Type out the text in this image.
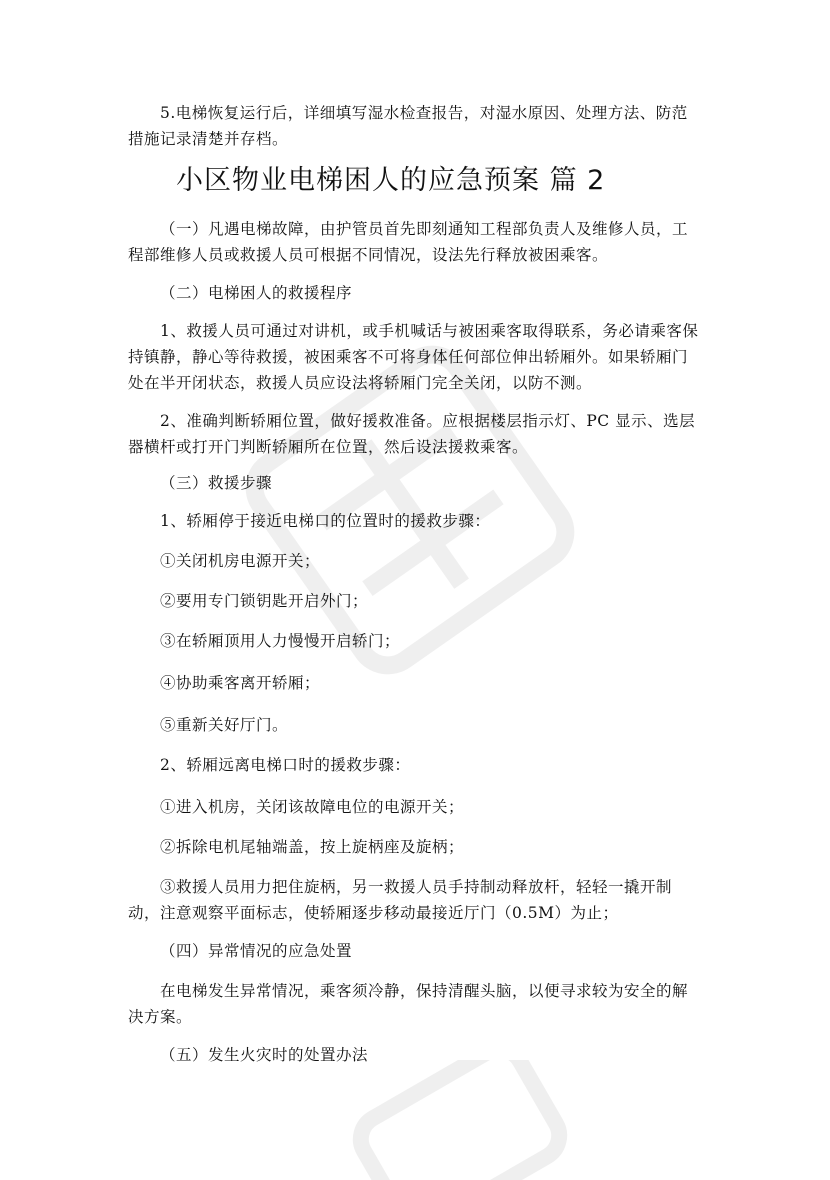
5.电梯恢复运行后，详细填写湿水检查报告，对湿水原因、处理方法、防范措施记录清楚并存档。

小区物业电梯困人的应急预案 篇 2

（一）凡遇电梯故障，由护管员首先即刻通知工程部负责人及维修人员，工程部维修人员或救援人员可根据不同情况，设法先行释放被困乘客。

（二）电梯困人的救援程序

1、救援人员可通过对讲机，或手机喊话与被困乘客取得联系，务必请乘客保持镇静，静心等待救援，被困乘客不可将身体任何部位伸出轿厢外。如果轿厢门处在半开闭状态，救援人员应设法将轿厢门完全关闭，以防不测。

2、准确判断轿厢位置，做好援救准备。应根据楼层指示灯、PC 显示、选层器横杆或打开门判断轿厢所在位置，然后设法援救乘客。

（三）救援步骤

1、轿厢停于接近电梯口的位置时的援救步骤：

①关闭机房电源开关；

②要用专门锁钥匙开启外门；

③在轿厢顶用人力慢慢开启轿门；

④协助乘客离开轿厢；

⑤重新关好厅门。

2、轿厢远离电梯口时的援救步骤：

①进入机房，关闭该故障电位的电源开关；

②拆除电机尾轴端盖，按上旋柄座及旋柄；

③救援人员用力把住旋柄，另一救援人员手持制动释放杆，轻轻一撬开制动，注意观察平面标志，使轿厢逐步移动最接近厅门（0.5M）为止；

（四）异常情况的应急处置

在电梯发生异常情况，乘客须冷静，保持清醒头脑，以便寻求较为安全的解决方案。

（五）发生火灾时的处置办法
